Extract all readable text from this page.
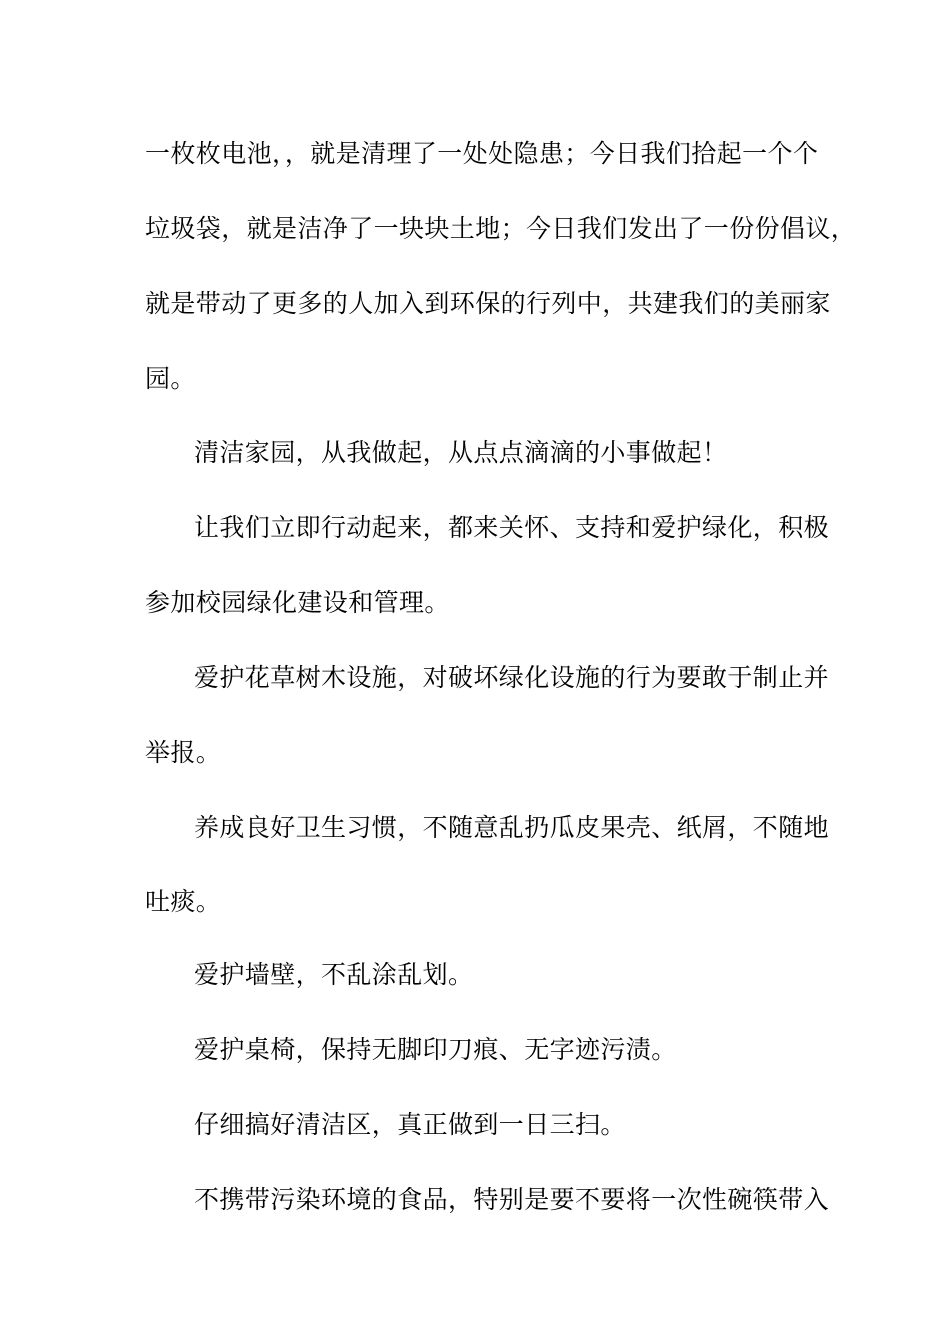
一枚枚电池，，就是清理了一处处隐患；今日我们拾起一个个
垃圾袋，就是洁净了一块块土地；今日我们发出了一份份倡议，
就是带动了更多的人加入到环保的行列中，共建我们的美丽家
园。
清洁家园，从我做起，从点点滴滴的小事做起！
让我们立即行动起来，都来关怀、支持和爱护绿化，积极
参加校园绿化建设和管理。
爱护花草树木设施，对破坏绿化设施的行为要敢于制止并
举报。
养成良好卫生习惯，不随意乱扔瓜皮果壳、纸屑，不随地
吐痰。
爱护墙壁，不乱涂乱划。
爱护桌椅，保持无脚印刀痕、无字迹污渍。
仔细搞好清洁区，真正做到一日三扫。
不携带污染环境的食品，特别是要不要将一次性碗筷带入
